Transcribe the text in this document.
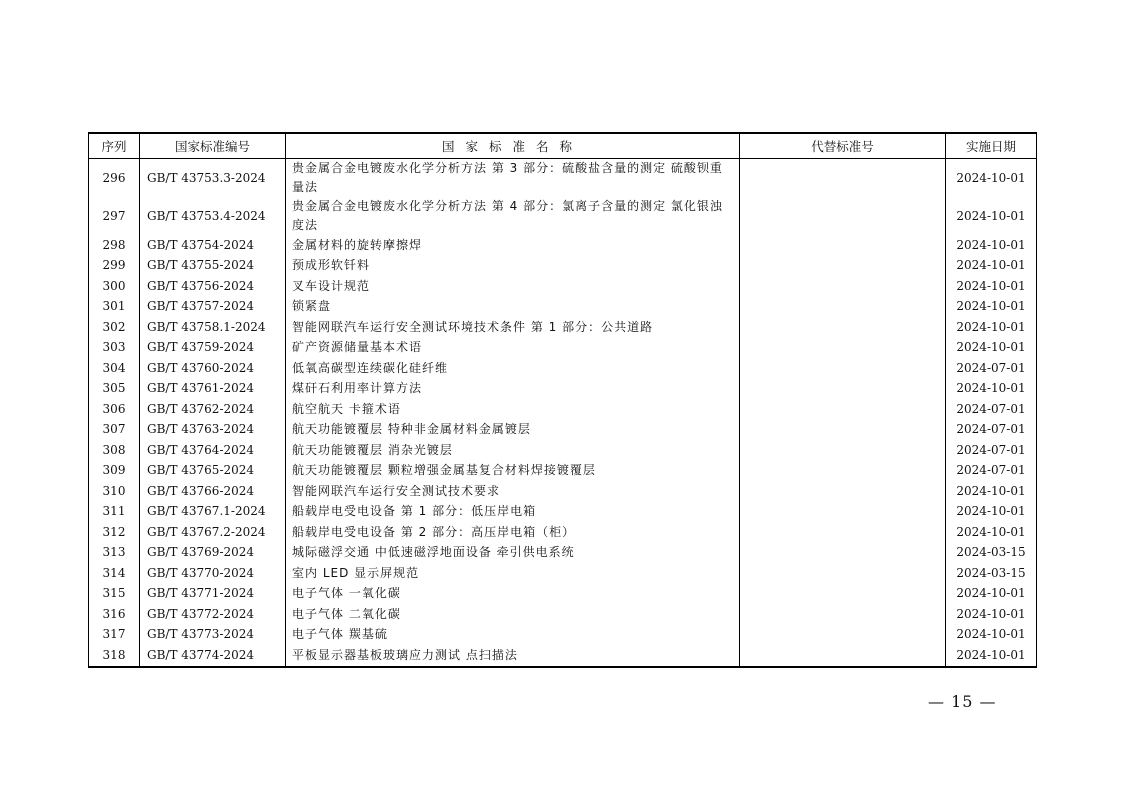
序列	国家标准编号	国家标准名称	代替标准号	实施日期
296	GB/T 43753.3-2024	贵金属合金电镀废水化学分析方法 第 3 部分：硫酸盐含量的测定 硫酸钡重量法		2024-10-01
297	GB/T 43753.4-2024	贵金属合金电镀废水化学分析方法 第 4 部分：氯离子含量的测定 氯化银浊度法		2024-10-01
298	GB/T 43754-2024	金属材料的旋转摩擦焊		2024-10-01
299	GB/T 43755-2024	预成形软钎料		2024-10-01
300	GB/T 43756-2024	叉车设计规范		2024-10-01
301	GB/T 43757-2024	锁紧盘		2024-10-01
302	GB/T 43758.1-2024	智能网联汽车运行安全测试环境技术条件 第 1 部分：公共道路		2024-10-01
303	GB/T 43759-2024	矿产资源储量基本术语		2024-10-01
304	GB/T 43760-2024	低氧高碳型连续碳化硅纤维		2024-07-01
305	GB/T 43761-2024	煤矸石利用率计算方法		2024-10-01
306	GB/T 43762-2024	航空航天 卡箍术语		2024-07-01
307	GB/T 43763-2024	航天功能镀覆层 特种非金属材料金属镀层		2024-07-01
308	GB/T 43764-2024	航天功能镀覆层 消杂光镀层		2024-07-01
309	GB/T 43765-2024	航天功能镀覆层 颗粒增强金属基复合材料焊接镀覆层		2024-07-01
310	GB/T 43766-2024	智能网联汽车运行安全测试技术要求		2024-10-01
311	GB/T 43767.1-2024	船载岸电受电设备 第 1 部分：低压岸电箱		2024-10-01
312	GB/T 43767.2-2024	船载岸电受电设备 第 2 部分：高压岸电箱（柜）		2024-10-01
313	GB/T 43769-2024	城际磁浮交通 中低速磁浮地面设备 牵引供电系统		2024-03-15
314	GB/T 43770-2024	室内 LED 显示屏规范		2024-03-15
315	GB/T 43771-2024	电子气体 一氧化碳		2024-10-01
316	GB/T 43772-2024	电子气体 二氧化碳		2024-10-01
317	GB/T 43773-2024	电子气体 羰基硫		2024-10-01
318	GB/T 43774-2024	平板显示器基板玻璃应力测试 点扫描法		2024-10-01
— 15 —
